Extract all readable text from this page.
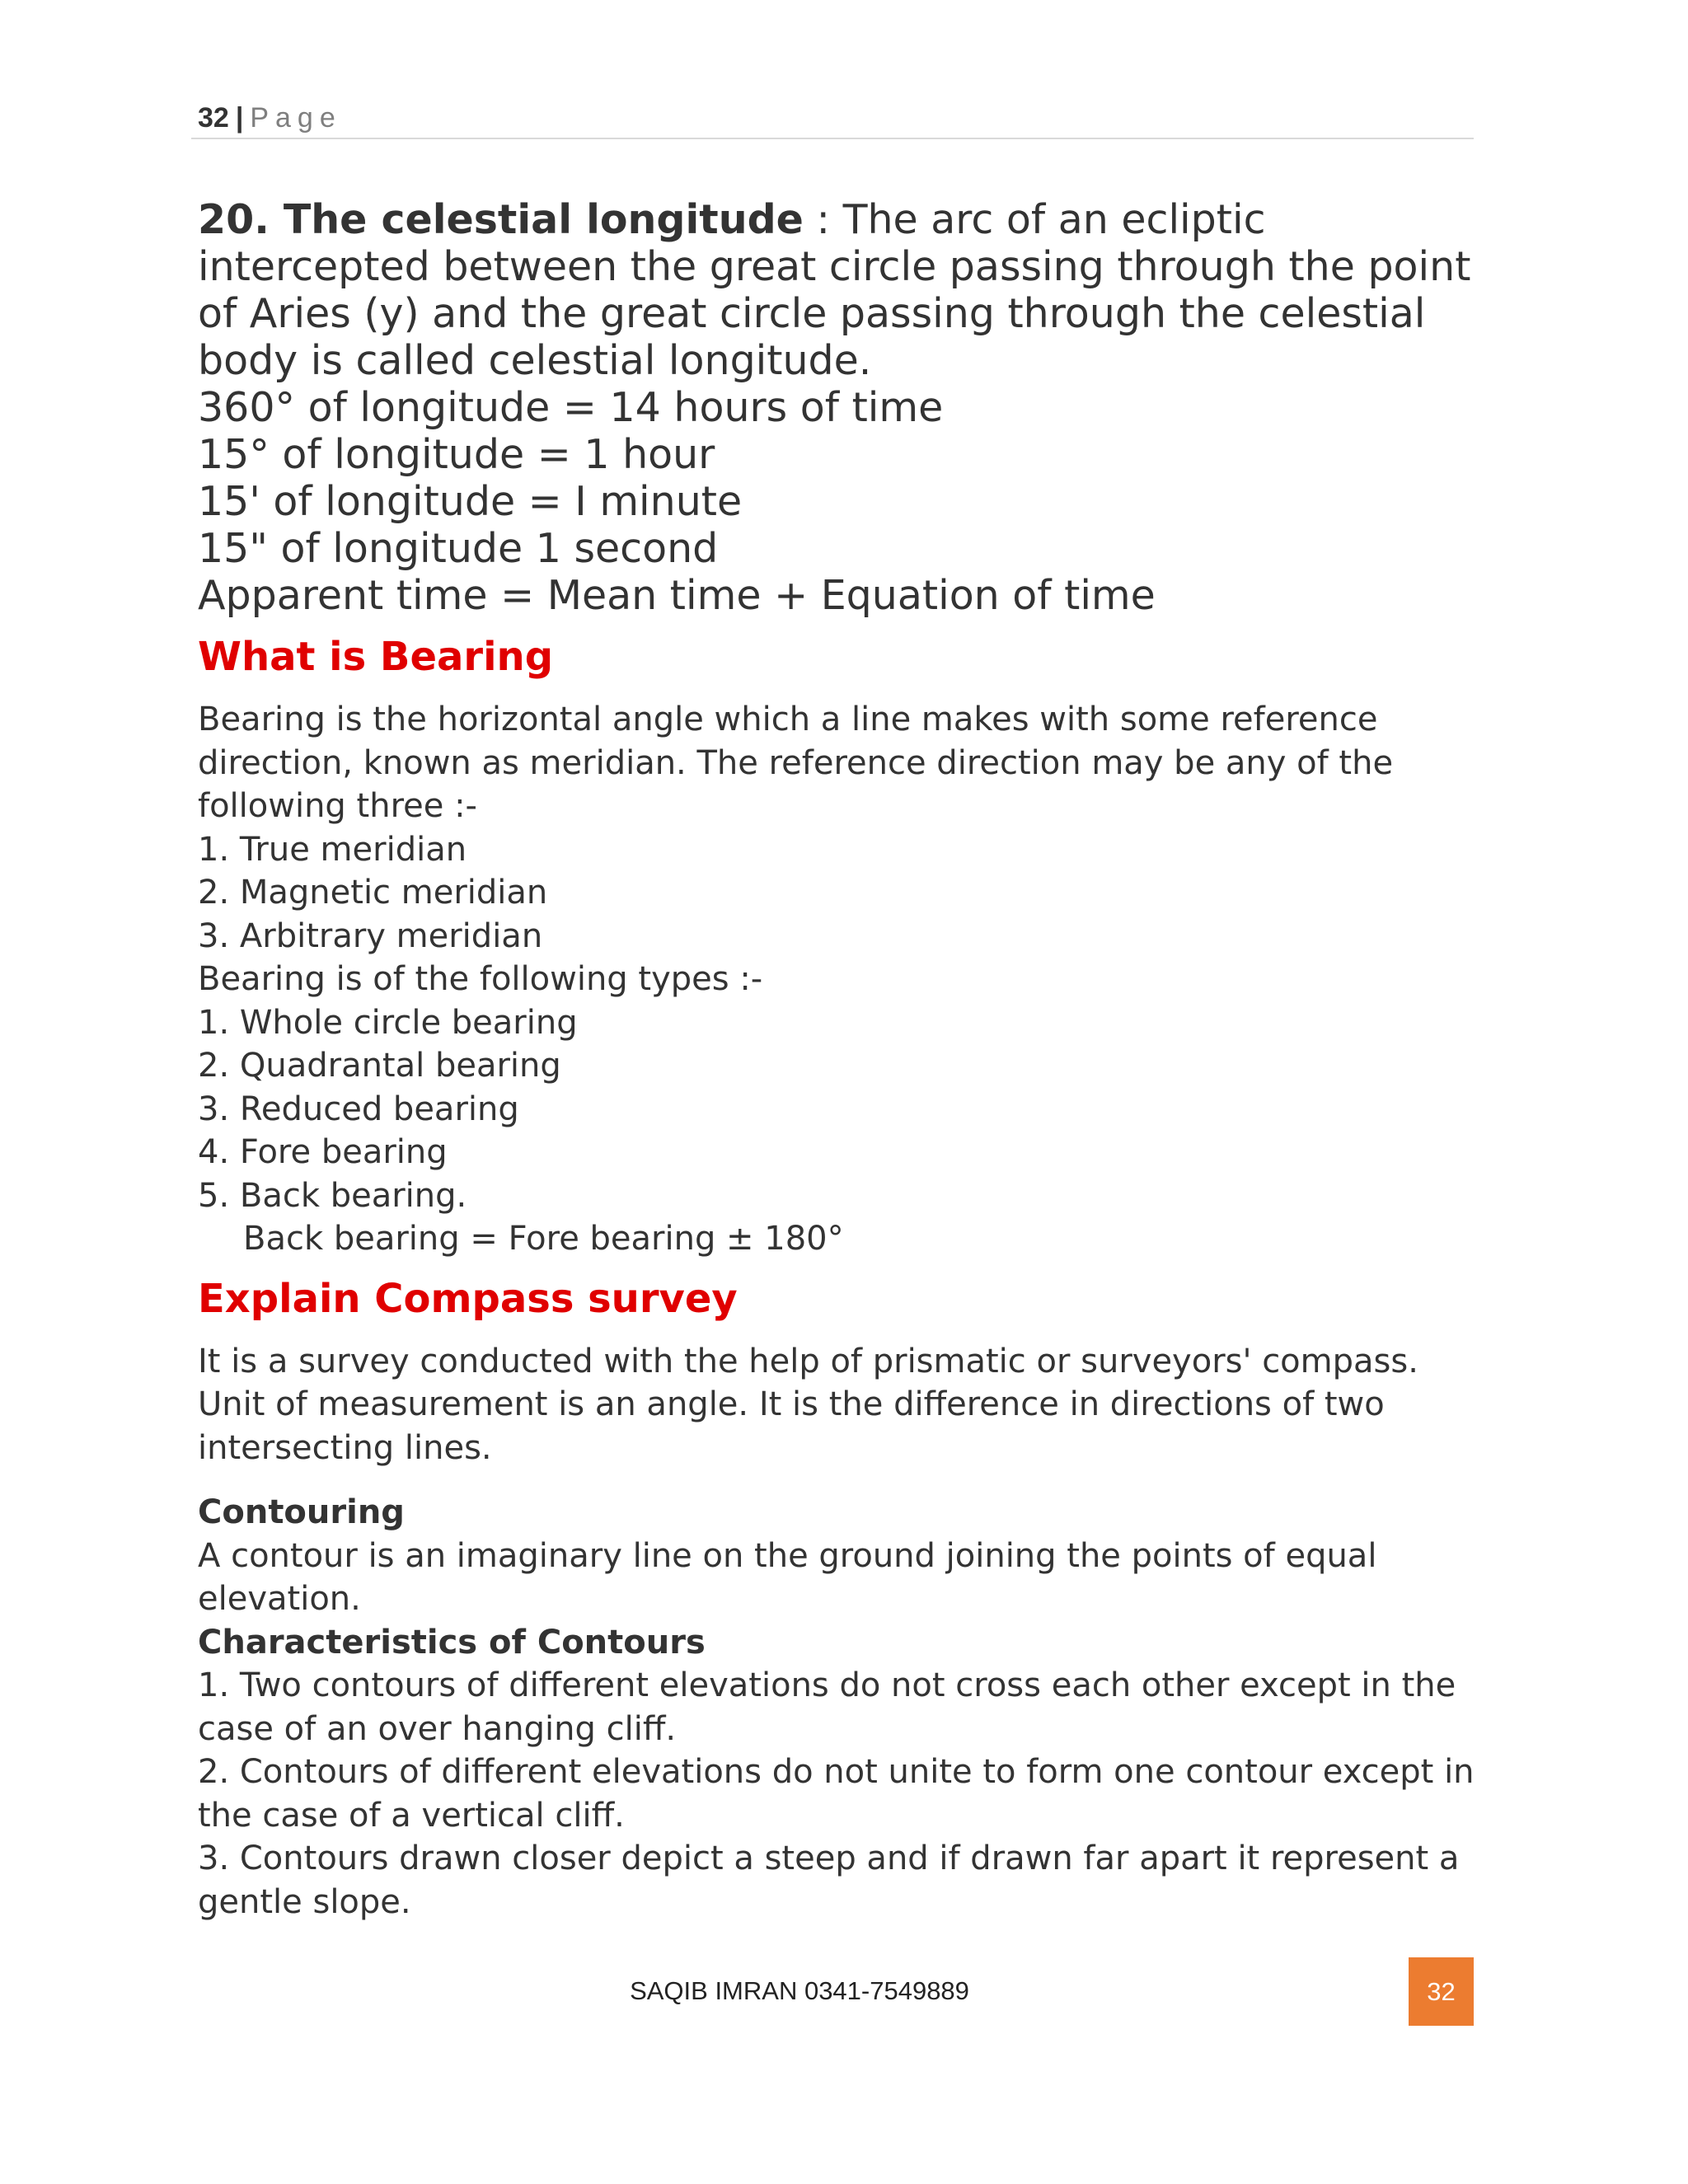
32 | Page

20. The celestial longitude : The arc of an ecliptic intercepted between the great circle passing through the point of Aries (y) and the great circle passing through the celestial body is called celestial longitude.

360° of longitude = 14 hours of time

15° of longitude = 1 hour

15' of longitude = I minute

15" of longitude 1 second

Apparent time = Mean time + Equation of time

What is Bearing

Bearing is the horizontal angle which a line makes with some reference direction, known as meridian. The reference direction may be any of the following three :-

1. True meridian

2. Magnetic meridian

3. Arbitrary meridian

Bearing is of the following types :-

1. Whole circle bearing

2. Quadrantal bearing

3. Reduced bearing

4. Fore bearing

5. Back bearing.

Back bearing = Fore bearing ± 180°

Explain Compass survey

It is a survey conducted with the help of prismatic or surveyors' compass. Unit of measurement is an angle. It is the difference in directions of two intersecting lines.

Contouring

A contour is an imaginary line on the ground joining the points of equal elevation.

Characteristics of Contours

1. Two contours of different elevations do not cross each other except in the case of an over hanging cliff.

2. Contours of different elevations do not unite to form one contour except in the case of a vertical cliff.

3. Contours drawn closer depict a steep and if drawn far apart it represent a gentle slope.

SAQIB IMRAN 0341-7549889	32
